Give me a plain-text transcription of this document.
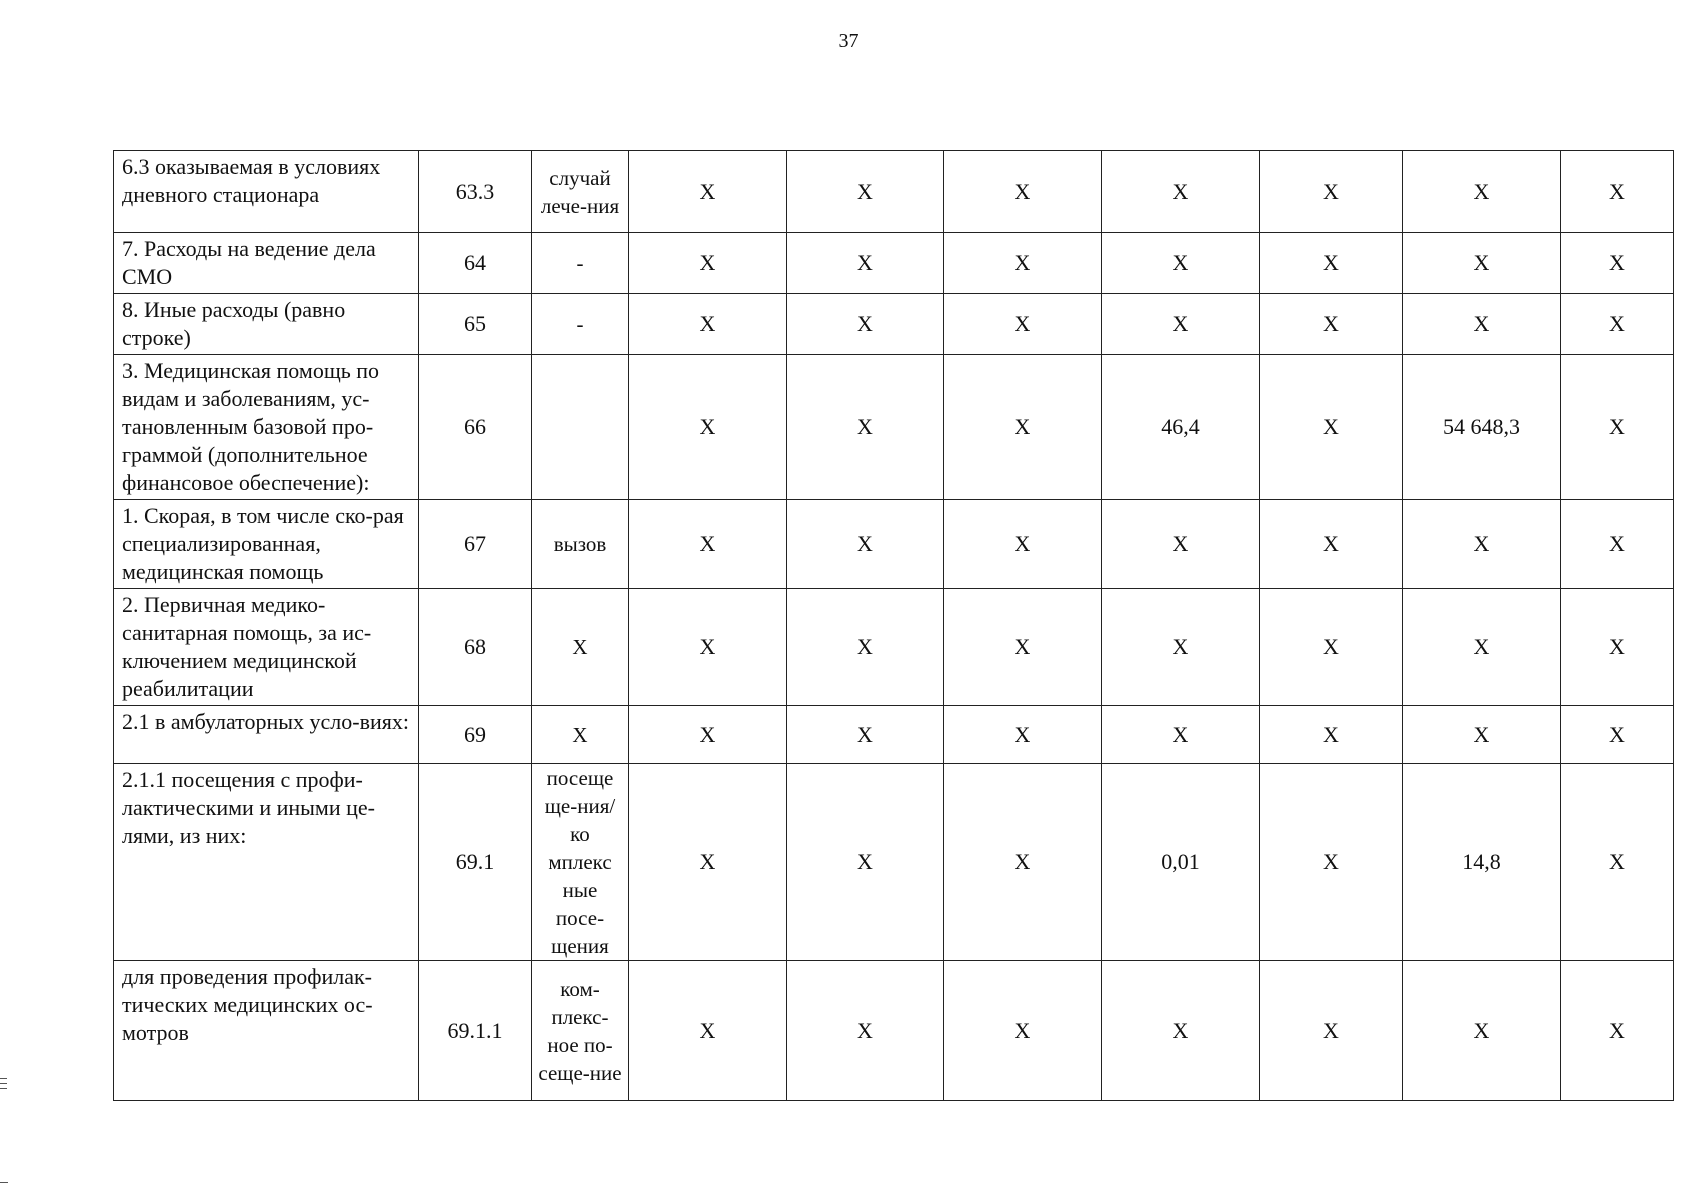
37
6.3 оказываемая в условиях дневного стационара	63.3	случай лече-ния	X	X	X	X	X	X	X
7. Расходы на ведение дела СМО	64	-	X	X	X	X	X	X	X
8. Иные расходы (равно строке)	65	-	X	X	X	X	X	X	X
3. Медицинская помощь по видам и заболеваниям, ус-тановленным базовой про-граммой (дополнительное финансовое обеспечение):	66		X	X	X	46,4	X	54 648,3	X
1. Скорая, в том числе ско-рая специализированная, медицинская помощь	67	вызов	X	X	X	X	X	X	X
2. Первичная медико-санитарная помощь, за ис-ключением медицинской реабилитации	68	X	X	X	X	X	X	X	X
2.1 в амбулаторных усло-виях:	69	X	X	X	X	X	X	X	X
2.1.1 посещения с профи-лактическими и иными це-лями, из них:	69.1	посеще ще-ния/ко мплекс ные посе-щения	X	X	X	0,01	X	14,8	X
для проведения профилак-тических медицинских ос-мотров	69.1.1	ком-плекс-ное по-сеще-ние	X	X	X	X	X	X	X
